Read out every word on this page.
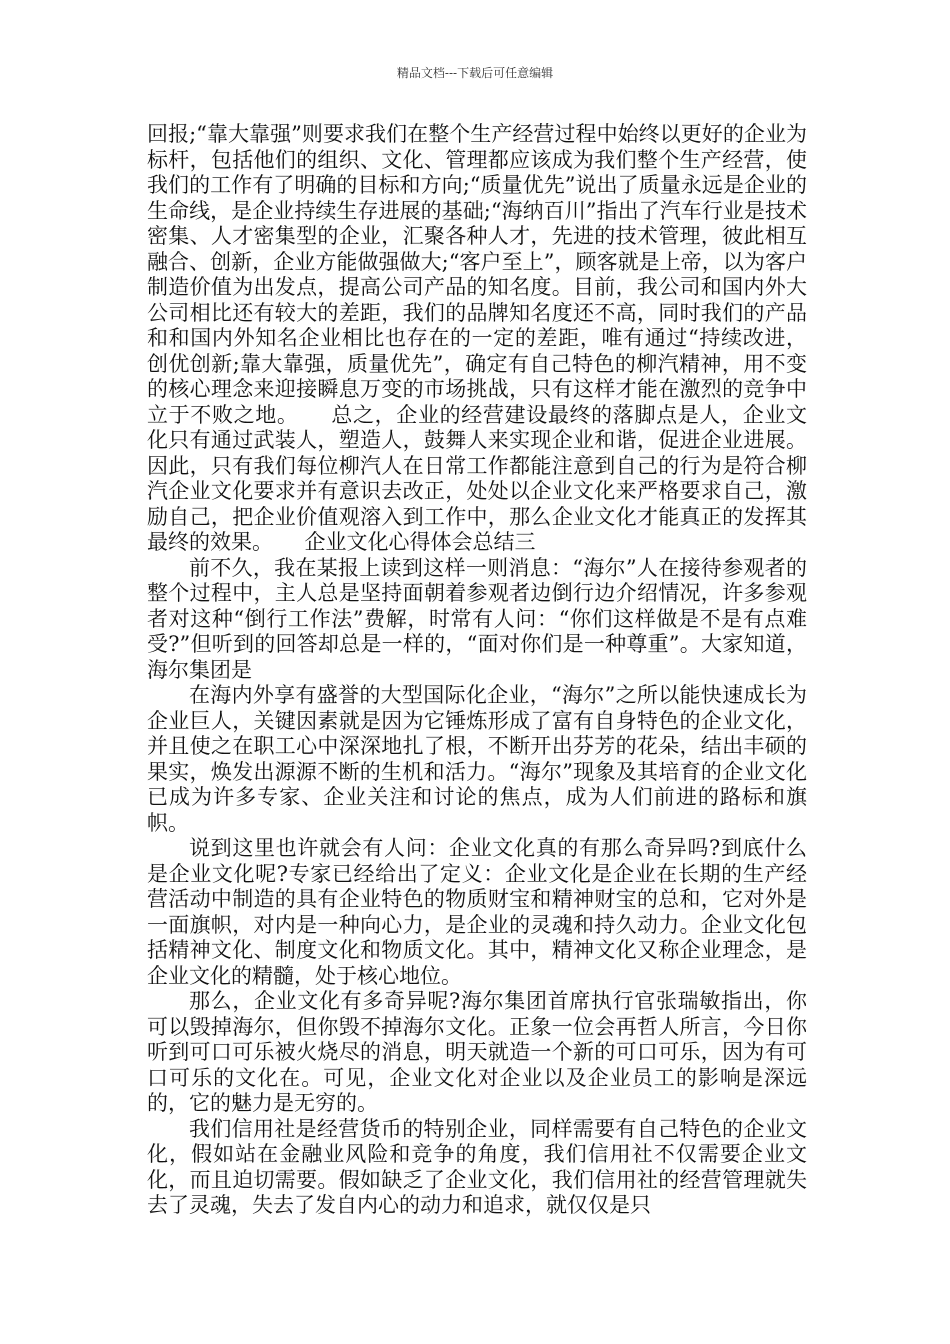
精品文档---下载后可任意编辑

回报;“靠大靠强”则要求我们在整个生产经营过程中始终以更好的企业为标杆，包括他们的组织、文化、管理都应该成为我们整个生产经营，使我们的工作有了明确的目标和方向;“质量优先”说出了质量永远是企业的生命线，是企业持续生存进展的基础;“海纳百川”指出了汽车行业是技术密集、人才密集型的企业，汇聚各种人才，先进的技术管理，彼此相互融合、创新，企业方能做强做大;“客户至上”，顾客就是上帝，以为客户制造价值为出发点，提高公司产品的知名度。目前，我公司和国内外大公司相比还有较大的差距，我们的品牌知名度还不高，同时我们的产品和和国内外知名企业相比也存在的一定的差距，唯有通过“持续改进，创优创新;靠大靠强，质量优先”，确定有自己特色的柳汽精神，用不变的核心理念来迎接瞬息万变的市场挑战，只有这样才能在激烈的竞争中立于不败之地。　　总之，企业的经营建设最终的落脚点是人，企业文化只有通过武装人，塑造人，鼓舞人来实现企业和谐，促进企业进展。因此，只有我们每位柳汽人在日常工作都能注意到自己的行为是符合柳汽企业文化要求并有意识去改正，处处以企业文化来严格要求自己，激励自己，把企业价值观溶入到工作中，那么企业文化才能真正的发挥其最终的效果。　　企业文化心得体会总结三

前不久，我在某报上读到这样一则消息：“海尔”人在接待参观者的整个过程中，主人总是坚持面朝着参观者边倒行边介绍情况，许多参观者对这种“倒行工作法”费解，时常有人问：“你们这样做是不是有点难受?”但听到的回答却总是一样的，“面对你们是一种尊重”。大家知道，海尔集团是

在海内外享有盛誉的大型国际化企业，“海尔”之所以能快速成长为企业巨人，关键因素就是因为它锤炼形成了富有自身特色的企业文化，并且使之在职工心中深深地扎了根，不断开出芬芳的花朵，结出丰硕的果实，焕发出源源不断的生机和活力。“海尔”现象及其培育的企业文化已成为许多专家、企业关注和讨论的焦点，成为人们前进的路标和旗帜。

说到这里也许就会有人问：企业文化真的有那么奇异吗?到底什么是企业文化呢?专家已经给出了定义：企业文化是企业在长期的生产经营活动中制造的具有企业特色的物质财宝和精神财宝的总和，它对外是一面旗帜，对内是一种向心力，是企业的灵魂和持久动力。企业文化包括精神文化、制度文化和物质文化。其中，精神文化又称企业理念，是企业文化的精髓，处于核心地位。

那么，企业文化有多奇异呢?海尔集团首席执行官张瑞敏指出，你可以毁掉海尔，但你毁不掉海尔文化。正象一位会再哲人所言，今日你听到可口可乐被火烧尽的消息，明天就造一个新的可口可乐，因为有可口可乐的文化在。可见，企业文化对企业以及企业员工的影响是深远的，它的魅力是无穷的。

我们信用社是经营货币的特别企业，同样需要有自己特色的企业文化，假如站在金融业风险和竞争的角度，我们信用社不仅需要企业文化，而且迫切需要。假如缺乏了企业文化，我们信用社的经营管理就失去了灵魂，失去了发自内心的动力和追求，就仅仅是只
